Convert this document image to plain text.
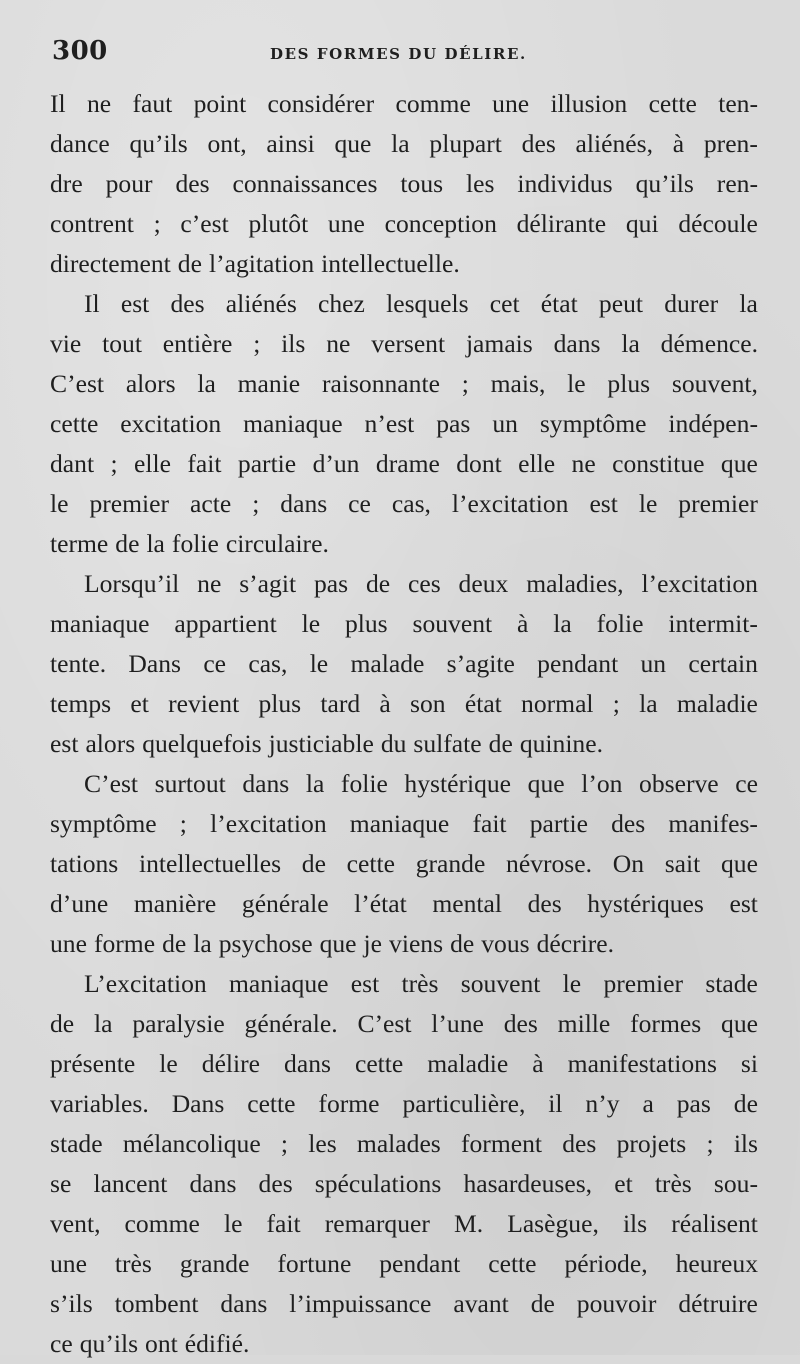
300	DES FORMES DU DÉLIRE.
Il ne faut point considérer comme une illusion cette ten-
dance qu’ils ont, ainsi que la plupart des aliénés, à pren-
dre pour des connaissances tous les individus qu’ils ren-
contrent ; c’est plutôt une conception délirante qui découle
directement de l’agitation intellectuelle.
Il est des aliénés chez lesquels cet état peut durer la
vie tout entière ; ils ne versent jamais dans la démence.
C’est alors la manie raisonnante ; mais, le plus souvent,
cette excitation maniaque n’est pas un symptôme indépen-
dant ; elle fait partie d’un drame dont elle ne constitue que
le premier acte ; dans ce cas, l’excitation est le premier
terme de la folie circulaire.
Lorsqu’il ne s’agit pas de ces deux maladies, l’excitation
maniaque appartient le plus souvent à la folie intermit-
tente. Dans ce cas, le malade s’agite pendant un certain
temps et revient plus tard à son état normal ; la maladie
est alors quelquefois justiciable du sulfate de quinine.
C’est surtout dans la folie hystérique que l’on observe ce
symptôme ; l’excitation maniaque fait partie des manifes-
tations intellectuelles de cette grande névrose. On sait que
d’une manière générale l’état mental des hystériques est
une forme de la psychose que je viens de vous décrire.
L’excitation maniaque est très souvent le premier stade
de la paralysie générale. C’est l’une des mille formes que
présente le délire dans cette maladie à manifestations si
variables. Dans cette forme particulière, il n’y a pas de
stade mélancolique ; les malades forment des projets ; ils
se lancent dans des spéculations hasardeuses, et très sou-
vent, comme le fait remarquer M. Lasègue, ils réalisent
une très grande fortune pendant cette période, heureux
s’ils tombent dans l’impuissance avant de pouvoir détruire
ce qu’ils ont édifié.
